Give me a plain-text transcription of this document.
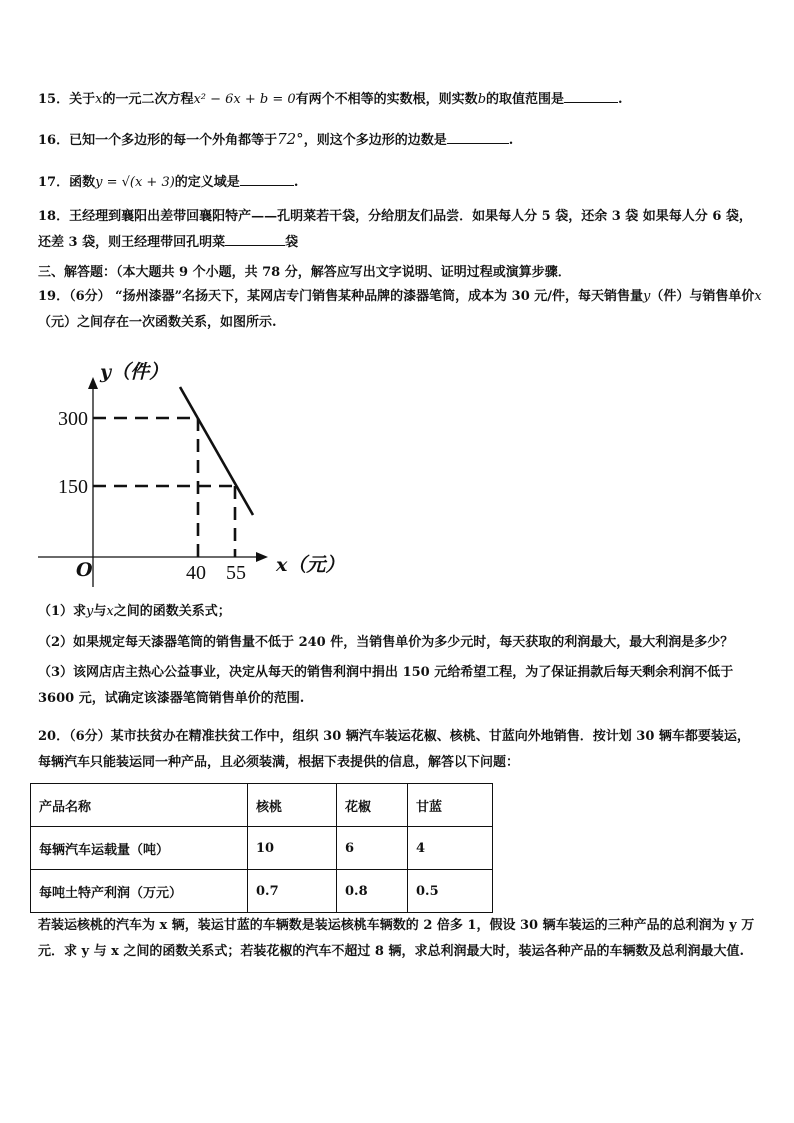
15．关于x的一元二次方程x² − 6x + b = 0有两个不相等的实数根，则实数b的取值范围是	.
16．已知一个多边形的每一个外角都等于72°，则这个多边形的边数是	.
17．函数y = √(x + 3)的定义域是	.
18．王经理到襄阳出差带回襄阳特产——孔明菜若干袋，分给朋友们品尝．如果每人分 5 袋，还余 3 袋 如果每人分 6 袋，还差 3 袋，则王经理带回孔明菜	袋
三、解答题：（本大题共 9 个小题，共 78 分，解答应写出文字说明、证明过程或演算步骤．
19．（6分） “扬州漆器”名扬天下，某网店专门销售某种品牌的漆器笔筒，成本为 30 元/件，每天销售量y（件）与销售单价x（元）之间存在一次函数关系，如图所示.
y（件）
x（元）
O
300
150
40 55
（1）求y与x之间的函数关系式；
（2）如果规定每天漆器笔筒的销售量不低于 240 件，当销售单价为多少元时，每天获取的利润最大，最大利润是多少？
（3）该网店店主热心公益事业，决定从每天的销售利润中捐出 150 元给希望工程，为了保证捐款后每天剩余利润不低于 3600 元，试确定该漆器笔筒销售单价的范围.
20．（6分）某市扶贫办在精准扶贫工作中，组织 30 辆汽车装运花椒、核桃、甘蓝向外地销售．按计划 30 辆车都要装运，每辆汽车只能装运同一种产品，且必须装满，根据下表提供的信息，解答以下问题：
产品名称	核桃	花椒	甘蓝
每辆汽车运载量（吨）	10	6	4
每吨土特产利润（万元）	0.7	0.8	0.5
若装运核桃的汽车为 x 辆，装运甘蓝的车辆数是装运核桃车辆数的 2 倍多 1，假设 30 辆车装运的三种产品的总利润为 y 万元．求 y 与 x 之间的函数关系式；若装花椒的汽车不超过 8 辆，求总利润最大时，装运各种产品的车辆数及总利润最大值.
